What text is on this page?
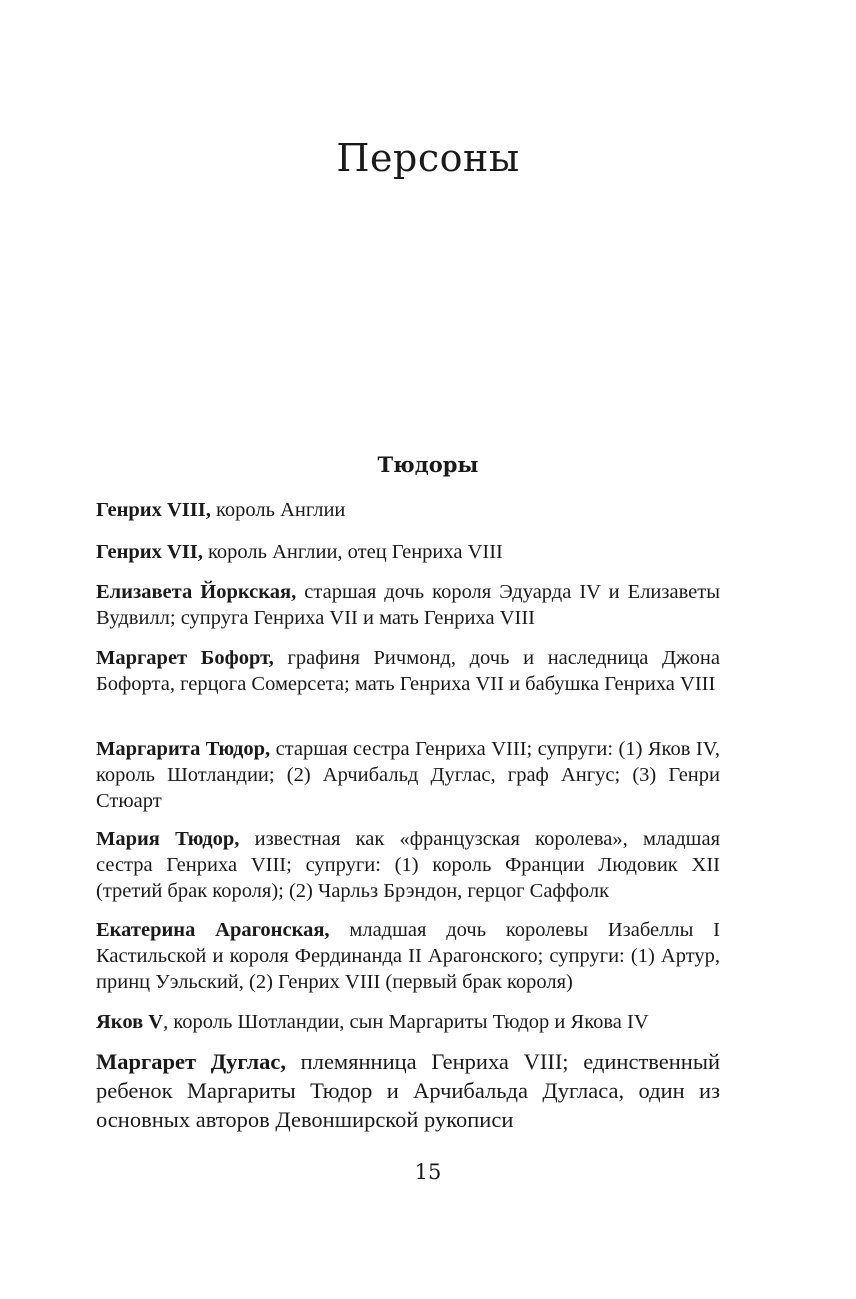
Персоны
Тюдоры

Генрих VIII, король Англии

Генрих VII, король Англии, отец Генриха VIII

Елизавета Йоркская, старшая дочь короля Эдуарда IV и Елизаветы Вудвилл; супруга Генриха VII и мать Генриха VIII

Маргарет Бофорт, графиня Ричмонд, дочь и наследница Джона Бофорта, герцога Сомерсета; мать Генриха VII и бабушка Генриха VIII

Маргарита Тюдор, старшая сестра Генриха VIII; супруги: (1) Яков IV, король Шотландии; (2) Арчибальд Дуглас, граф Ангус; (3) Генри Стюарт

Мария Тюдор, известная как «французская королева», младшая сестра Генриха VIII; супруги: (1) король Франции Людовик XII (третий брак короля); (2) Чарльз Брэндон, герцог Саффолк

Екатерина Арагонская, младшая дочь королевы Изабеллы I Кастильской и короля Фердинанда II Арагонского; супруги: (1) Артур, принц Уэльский, (2) Генрих VIII (первый брак короля)

Яков V, король Шотландии, сын Маргариты Тюдор и Якова IV

Маргарет Дуглас, племянница Генриха VIII; единственный ребенок Маргариты Тюдор и Арчибальда Дугласа, один из основных авторов Девонширской рукописи

15
